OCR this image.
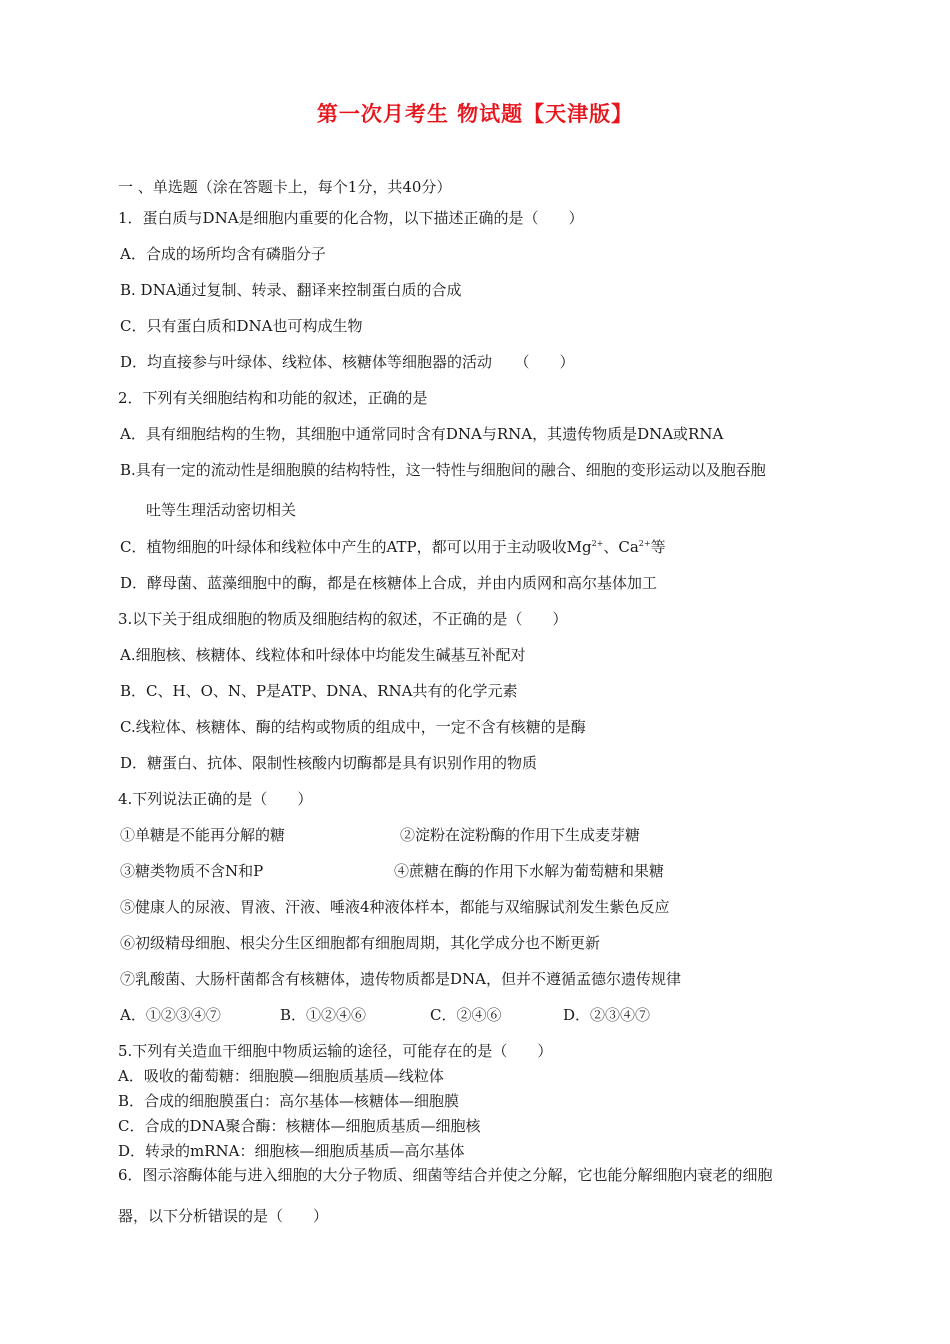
第一次月考生 物试题【天津版】
一 、单选题（涂在答题卡上，每个1分，共40分）
1．蛋白质与DNA是细胞内重要的化合物，以下描述正确的是（　　）
A．合成的场所均含有磷脂分子
B. DNA通过复制、转录、翻译来控制蛋白质的合成
C．只有蛋白质和DNA也可构成生物
D．均直接参与叶绿体、线粒体、核糖体等细胞器的活动　　（　　）
2．下列有关细胞结构和功能的叙述，正确的是
A．具有细胞结构的生物，其细胞中通常同时含有DNA与RNA，其遗传物质是DNA或RNA
B.具有一定的流动性是细胞膜的结构特性，这一特性与细胞间的融合、细胞的变形运动以及胞吞胞
吐等生理活动密切相关
C．植物细胞的叶绿体和线粒体中产生的ATP，都可以用于主动吸收$Mg^{2+}$、$Ca^{2+}$等
D．酵母菌、蓝藻细胞中的酶，都是在核糖体上合成，并由内质网和高尔基体加工
3.以下关于组成细胞的物质及细胞结构的叙述，不正确的是（　　）
A.细胞核、核糖体、线粒体和叶绿体中均能发生碱基互补配对
B．C、H、O、N、P是ATP、DNA、RNA共有的化学元素
C.线粒体、核糖体、酶的结构或物质的组成中，一定不含有核糖的是酶
D．糖蛋白、抗体、限制性核酸内切酶都是具有识别作用的物质
4.下列说法正确的是（　　）
①单糖是不能再分解的糖	②淀粉在淀粉酶的作用下生成麦芽糖
③糖类物质不含N和P	④蔗糖在酶的作用下水解为葡萄糖和果糖
⑤健康人的尿液、胃液、汗液、唾液4种液体样本，都能与双缩脲试剂发生紫色反应
⑥初级精母细胞、根尖分生区细胞都有细胞周期，其化学成分也不断更新
⑦乳酸菌、大肠杆菌都含有核糖体，遗传物质都是DNA，但并不遵循孟德尔遗传规律
A．①②③④⑦	B．①②④⑥	C．②④⑥	D．②③④⑦
5.下列有关造血干细胞中物质运输的途径，可能存在的是（　　）
A．吸收的葡萄糖：细胞膜—细胞质基质—线粒体
B．合成的细胞膜蛋白：高尔基体—核糖体—细胞膜
C．合成的DNA聚合酶：核糖体—细胞质基质—细胞核
D．转录的mRNA：细胞核—细胞质基质—高尔基体
6．图示溶酶体能与进入细胞的大分子物质、细菌等结合并使之分解，它也能分解细胞内衰老的细胞
器，以下分析错误的是（　　）
